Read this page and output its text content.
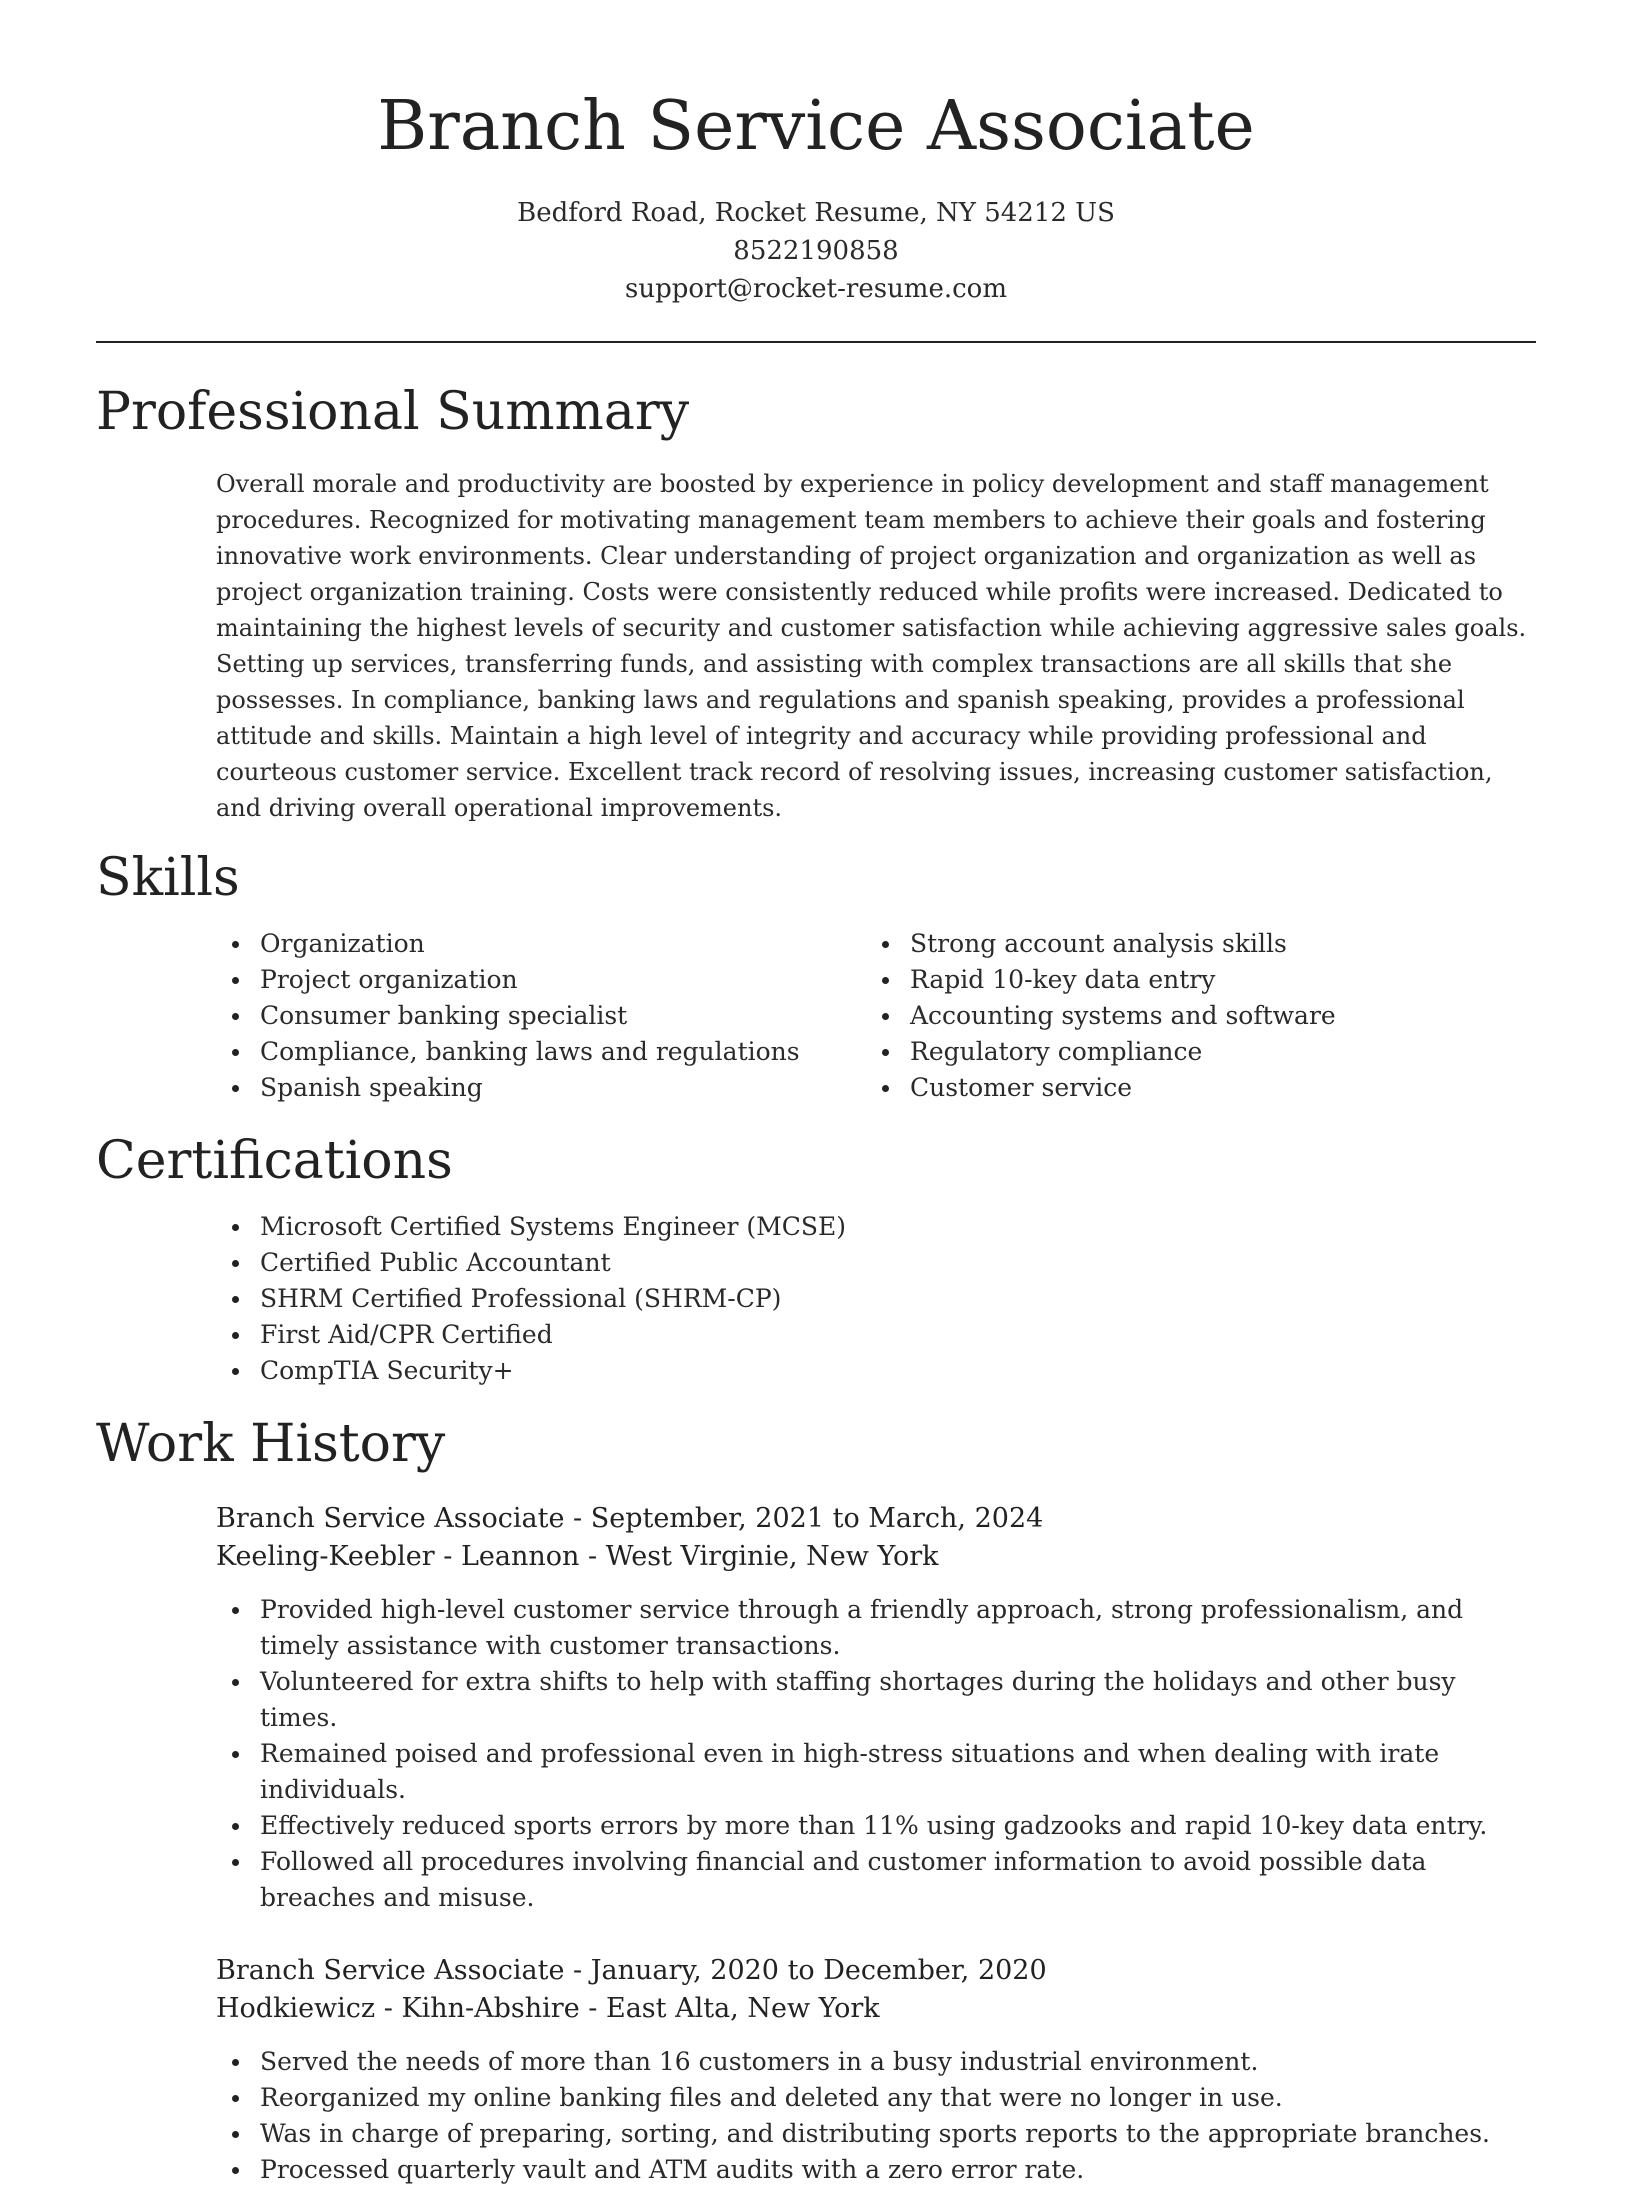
Branch Service Associate
Bedford Road, Rocket Resume, NY 54212 US
8522190858
support@rocket-resume.com
Professional Summary

Overall morale and productivity are boosted by experience in policy development and staff management procedures. Recognized for motivating management team members to achieve their goals and fostering innovative work environments. Clear understanding of project organization and organization as well as project organization training. Costs were consistently reduced while profits were increased. Dedicated to maintaining the highest levels of security and customer satisfaction while achieving aggressive sales goals. Setting up services, transferring funds, and assisting with complex transactions are all skills that she possesses. In compliance, banking laws and regulations and spanish speaking, provides a professional attitude and skills. Maintain a high level of integrity and accuracy while providing professional and courteous customer service. Excellent track record of resolving issues, increasing customer satisfaction, and driving overall operational improvements.

Skills
Organization
Project organization
Consumer banking specialist
Compliance, banking laws and regulations
Spanish speaking
Strong account analysis skills
Rapid 10-key data entry
Accounting systems and software
Regulatory compliance
Customer service
Certifications
Microsoft Certified Systems Engineer (MCSE)
Certified Public Accountant
SHRM Certified Professional (SHRM-CP)
First Aid/CPR Certified
CompTIA Security+
Work History
Branch Service Associate - September, 2021 to March, 2024
Keeling-Keebler - Leannon - West Virginie, New York
Provided high-level customer service through a friendly approach, strong professionalism, and timely assistance with customer transactions.
Volunteered for extra shifts to help with staffing shortages during the holidays and other busy times.
Remained poised and professional even in high-stress situations and when dealing with irate individuals.
Effectively reduced sports errors by more than 11% using gadzooks and rapid 10-key data entry.
Followed all procedures involving financial and customer information to avoid possible data breaches and misuse.
Branch Service Associate - January, 2020 to December, 2020
Hodkiewicz - Kihn-Abshire - East Alta, New York
Served the needs of more than 16 customers in a busy industrial environment.
Reorganized my online banking files and deleted any that were no longer in use.
Was in charge of preparing, sorting, and distributing sports reports to the appropriate branches.
Processed quarterly vault and ATM audits with a zero error rate.
